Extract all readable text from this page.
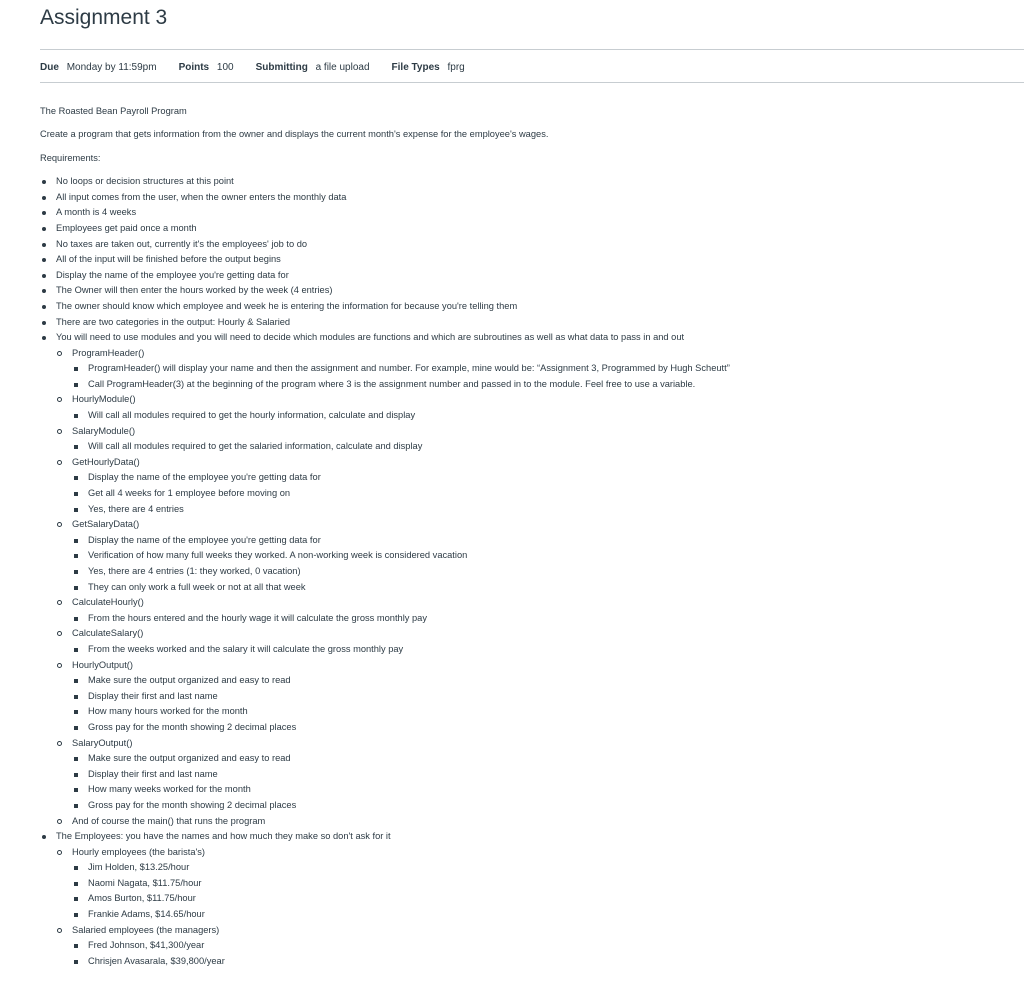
Assignment 3
Due Monday by 11:59pm Points 100 Submitting a file upload File Types fprg

The Roasted Bean Payroll Program

Create a program that gets information from the owner and displays the current month's expense for the employee's wages.

Requirements:

No loops or decision structures at this point
All input comes from the user, when the owner enters the monthly data
A month is 4 weeks
Employees get paid once a month
No taxes are taken out, currently it's the employees' job to do
All of the input will be finished before the output begins
Display the name of the employee you're getting data for
The Owner will then enter the hours worked by the week (4 entries)
The owner should know which employee and week he is entering the information for because you're telling them
There are two categories in the output: Hourly & Salaried
You will need to use modules and you will need to decide which modules are functions and which are subroutines as well as what data to pass in and out
ProgramHeader()
ProgramHeader() will display your name and then the assignment and number. For example, mine would be: “Assignment 3, Programmed by Hugh Scheutt”
Call ProgramHeader(3) at the beginning of the program where 3 is the assignment number and passed in to the module. Feel free to use a variable.
HourlyModule()
Will call all modules required to get the hourly information, calculate and display
SalaryModule()
Will call all modules required to get the salaried information, calculate and display
GetHourlyData()
Display the name of the employee you're getting data for
Get all 4 weeks for 1 employee before moving on
Yes, there are 4 entries
GetSalaryData()
Display the name of the employee you're getting data for
Verification of how many full weeks they worked. A non-working week is considered vacation
Yes, there are 4 entries (1: they worked, 0 vacation)
They can only work a full week or not at all that week
CalculateHourly()
From the hours entered and the hourly wage it will calculate the gross monthly pay
CalculateSalary()
From the weeks worked and the salary it will calculate the gross monthly pay
HourlyOutput()
Make sure the output organized and easy to read
Display their first and last name
How many hours worked for the month
Gross pay for the month showing 2 decimal places
SalaryOutput()
Make sure the output organized and easy to read
Display their first and last name
How many weeks worked for the month
Gross pay for the month showing 2 decimal places
And of course the main() that runs the program
The Employees: you have the names and how much they make so don't ask for it
Hourly employees (the barista's)
Jim Holden, $13.25/hour
Naomi Nagata, $11.75/hour
Amos Burton, $11.75/hour
Frankie Adams, $14.65/hour
Salaried employees (the managers)
Fred Johnson, $41,300/year
Chrisjen Avasarala, $39,800/year
